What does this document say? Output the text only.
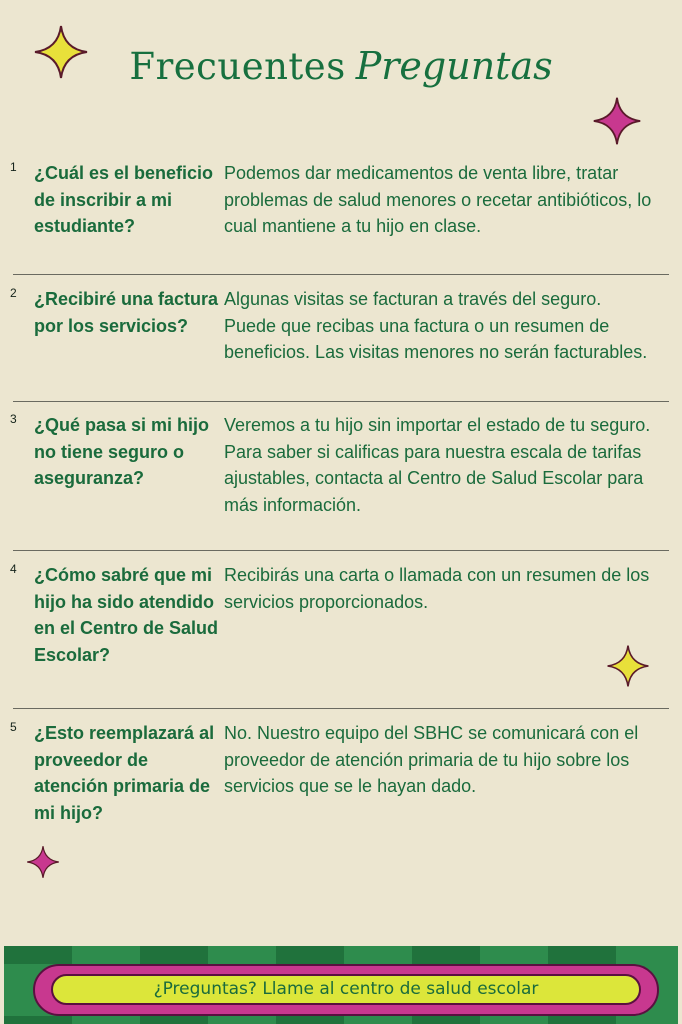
Frecuentes Preguntas
1 ¿Cuál es el beneficio de inscribir a mi estudiante?
Podemos dar medicamentos de venta libre, tratar problemas de salud menores o recetar antibióticos, lo cual mantiene a tu hijo en clase.
2 ¿Recibiré una factura por los servicios?
Algunas visitas se facturan a través del seguro. Puede que recibas una factura o un resumen de beneficios. Las visitas menores no serán facturables.
3 ¿Qué pasa si mi hijo no tiene seguro o aseguranza?
Veremos a tu hijo sin importar el estado de tu seguro. Para saber si calificas para nuestra escala de tarifas ajustables, contacta al Centro de Salud Escolar para más información.
4 ¿Cómo sabré que mi hijo ha sido atendido en el Centro de Salud Escolar?
Recibirás una carta o llamada con un resumen de los servicios proporcionados.
5 ¿Esto reemplazará al proveedor de atención primaria de mi hijo?
No. Nuestro equipo del SBHC se comunicará con el proveedor de atención primaria de tu hijo sobre los servicios que se le hayan dado.
¿Preguntas? Llame al centro de salud escolar
